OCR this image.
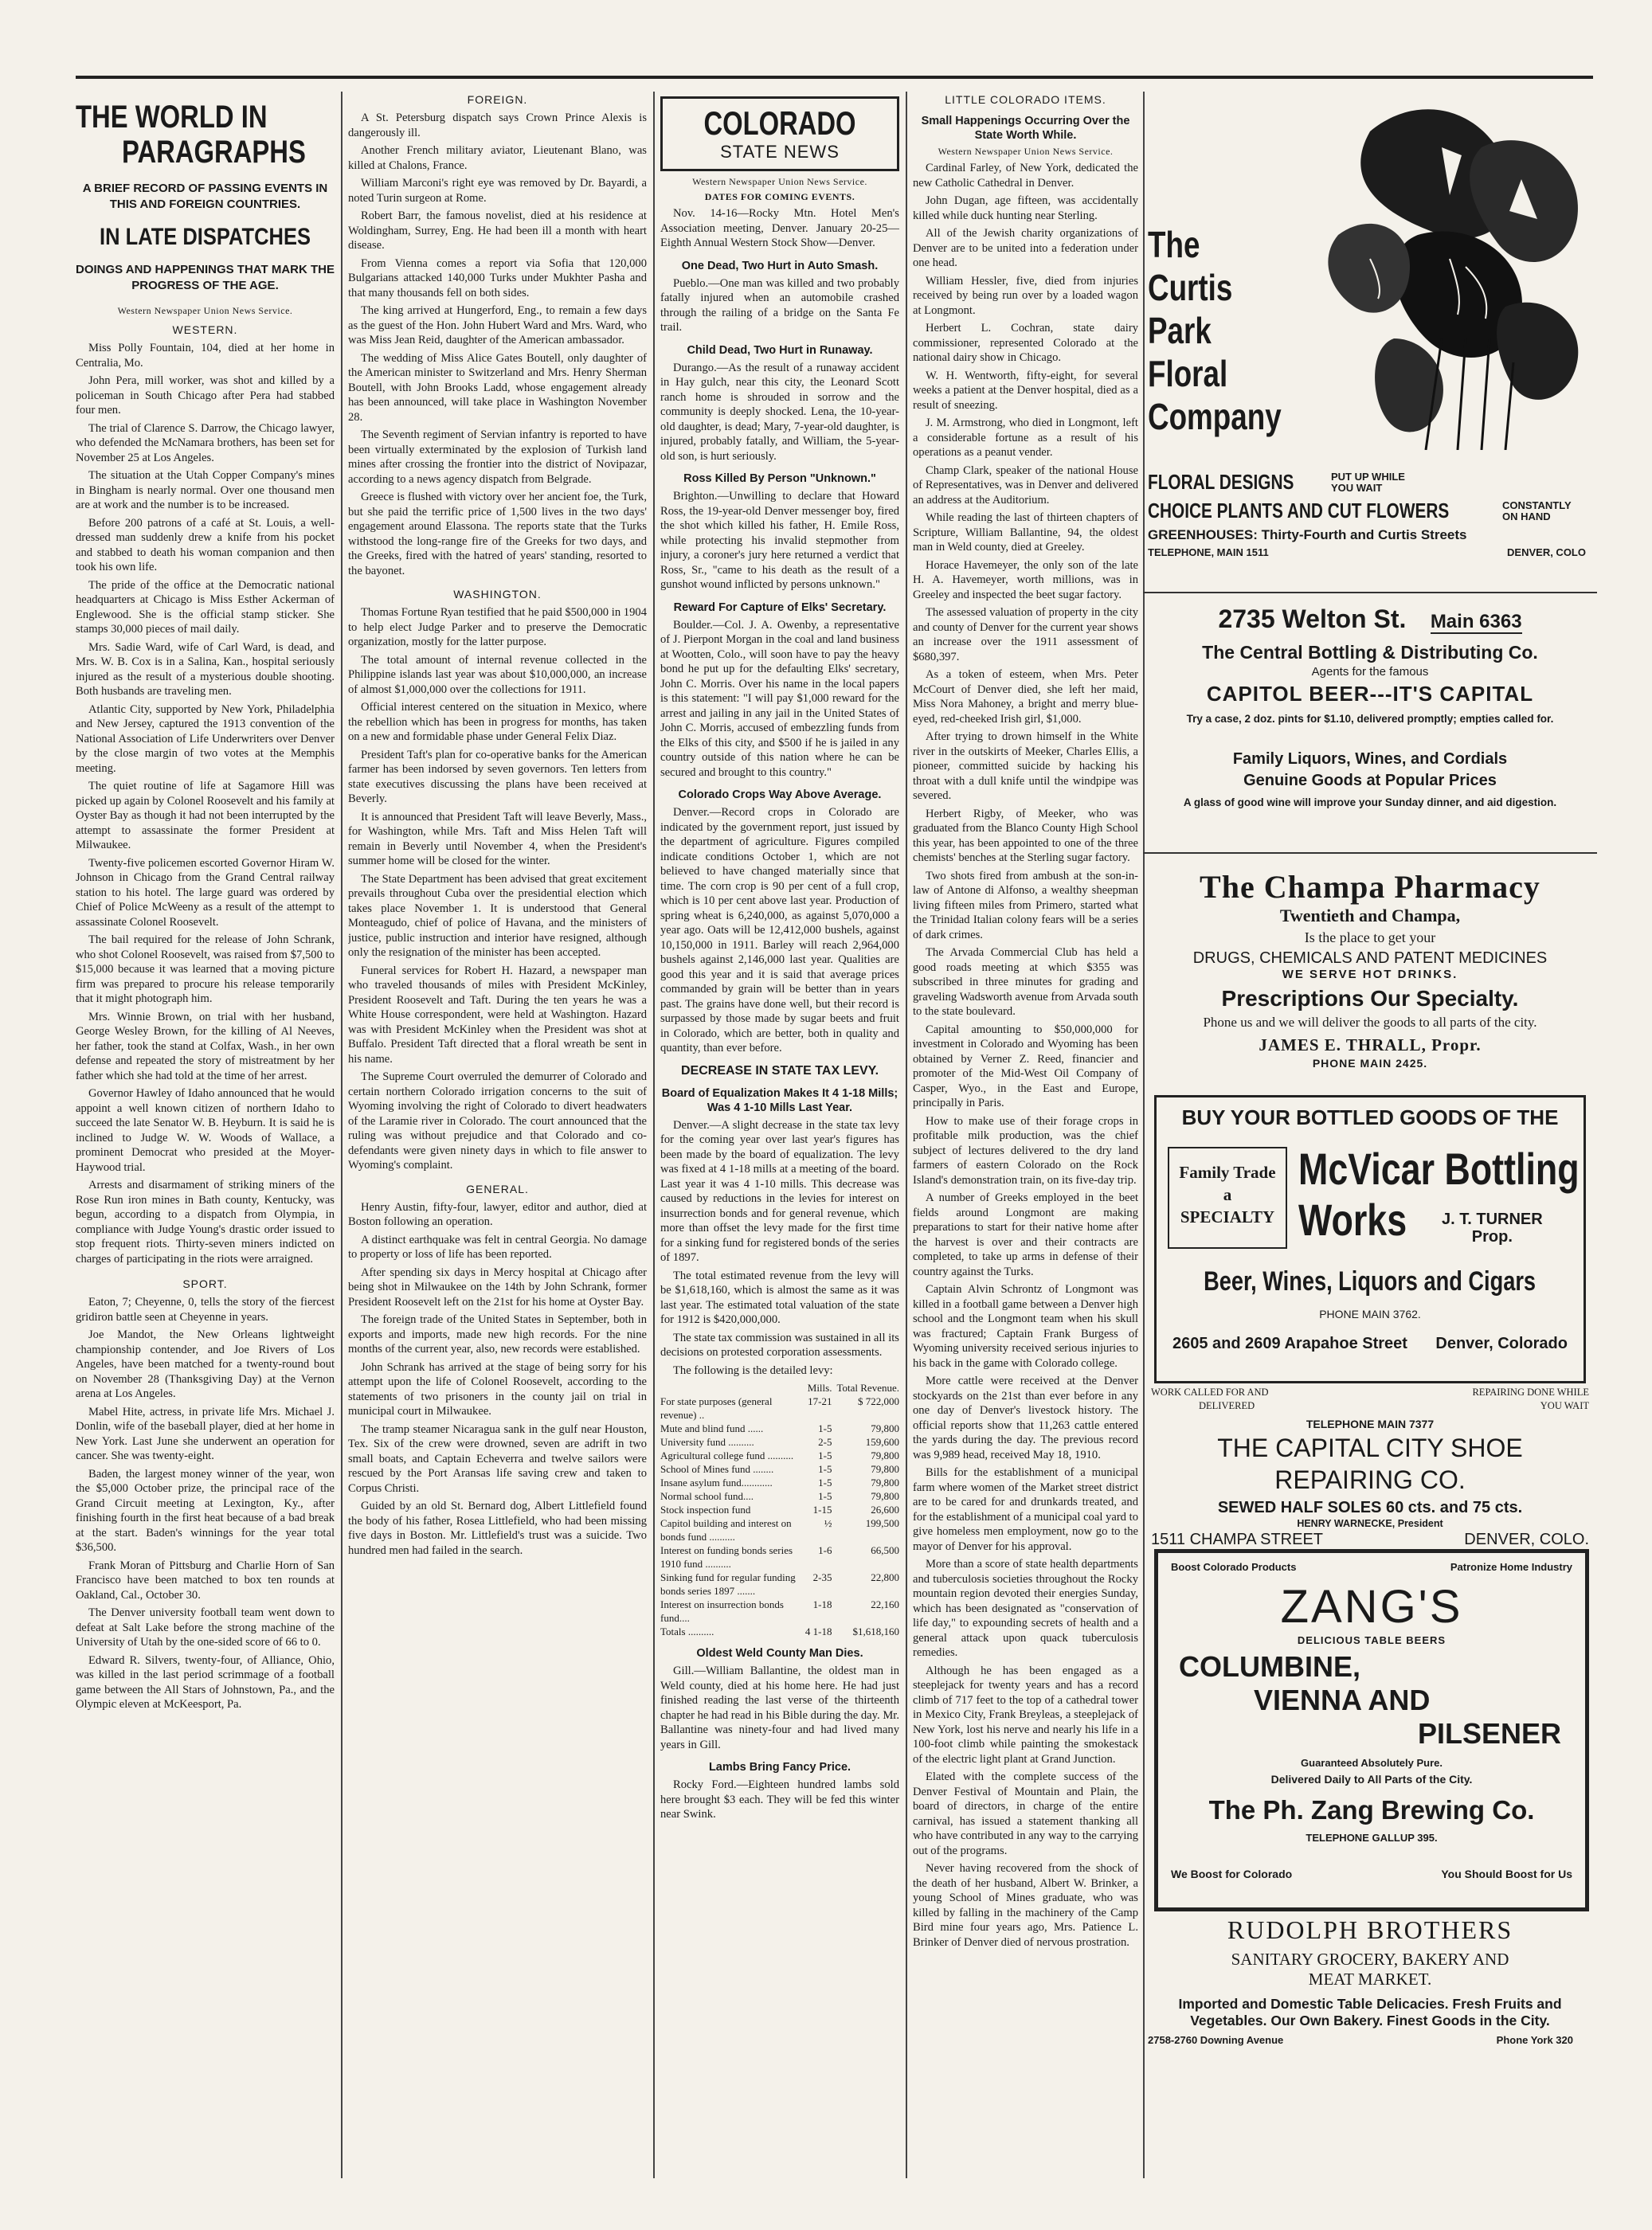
THE WORLD IN
PARAGRAPHS
A BRIEF RECORD OF PASSING EVENTS IN THIS AND FOREIGN COUNTRIES.
IN LATE DISPATCHES
DOINGS AND HAPPENINGS THAT MARK THE PROGRESS OF THE AGE.
Western Newspaper Union News Service.
WESTERN.

Miss Polly Fountain, 104, died at her home in Centralia, Mo.

John Pera, mill worker, was shot and killed by a policeman in South Chicago after Pera had stabbed four men.

The trial of Clarence S. Darrow, the Chicago lawyer, who defended the McNamara brothers, has been set for November 25 at Los Angeles.

The situation at the Utah Copper Company's mines in Bingham is nearly normal. Over one thousand men are at work and the number is to be increased.

Before 200 patrons of a café at St. Louis, a well-dressed man suddenly drew a knife from his pocket and stabbed to death his woman companion and then took his own life.

The pride of the office at the Democratic national headquarters at Chicago is Miss Esther Ackerman of Englewood. She is the official stamp sticker. She stamps 30,000 pieces of mail daily.

Mrs. Sadie Ward, wife of Carl Ward, is dead, and Mrs. W. B. Cox is in a Salina, Kan., hospital seriously injured as the result of a mysterious double shooting. Both husbands are traveling men.

Atlantic City, supported by New York, Philadelphia and New Jersey, captured the 1913 convention of the National Association of Life Underwriters over Denver by the close margin of two votes at the Memphis meeting.

The quiet routine of life at Sagamore Hill was picked up again by Colonel Roosevelt and his family at Oyster Bay as though it had not been interrupted by the attempt to assassinate the former President at Milwaukee.

Twenty-five policemen escorted Governor Hiram W. Johnson in Chicago from the Grand Central railway station to his hotel. The large guard was ordered by Chief of Police McWeeny as a result of the attempt to assassinate Colonel Roosevelt.

The bail required for the release of John Schrank, who shot Colonel Roosevelt, was raised from $7,500 to $15,000 because it was learned that a moving picture firm was prepared to procure his release temporarily that it might photograph him.

Mrs. Winnie Brown, on trial with her husband, George Wesley Brown, for the killing of Al Neeves, her father, took the stand at Colfax, Wash., in her own defense and repeated the story of mistreatment by her father which she had told at the time of her arrest.

Governor Hawley of Idaho announced that he would appoint a well known citizen of northern Idaho to succeed the late Senator W. B. Heyburn. It is said he is inclined to Judge W. W. Woods of Wallace, a prominent Democrat who presided at the Moyer-Haywood trial.

Arrests and disarmament of striking miners of the Rose Run iron mines in Bath county, Kentucky, was begun, according to a dispatch from Olympia, in compliance with Judge Young's drastic order issued to stop frequent riots. Thirty-seven miners indicted on charges of participating in the riots were arraigned.

SPORT.

Eaton, 7; Cheyenne, 0, tells the story of the fiercest gridiron battle seen at Cheyenne in years.

Joe Mandot, the New Orleans lightweight championship contender, and Joe Rivers of Los Angeles, have been matched for a twenty-round bout on November 28 (Thanksgiving Day) at the Vernon arena at Los Angeles.

Mabel Hite, actress, in private life Mrs. Michael J. Donlin, wife of the baseball player, died at her home in New York. Last June she underwent an operation for cancer. She was twenty-eight.

Baden, the largest money winner of the year, won the $5,000 October prize, the principal race of the Grand Circuit meeting at Lexington, Ky., after finishing fourth in the first heat because of a bad break at the start. Baden's winnings for the year total $36,500.

Frank Moran of Pittsburg and Charlie Horn of San Francisco have been matched to box ten rounds at Oakland, Cal., October 30.

The Denver university football team went down to defeat at Salt Lake before the strong machine of the University of Utah by the one-sided score of 66 to 0.

Edward R. Silvers, twenty-four, of Alliance, Ohio, was killed in the last period scrimmage of a football game between the All Stars of Johnstown, Pa., and the Olympic eleven at McKeesport, Pa.

FOREIGN.

A St. Petersburg dispatch says Crown Prince Alexis is dangerously ill.

Another French military aviator, Lieutenant Blano, was killed at Chalons, France.

William Marconi's right eye was removed by Dr. Bayardi, a noted Turin surgeon at Rome.

Robert Barr, the famous novelist, died at his residence at Woldingham, Surrey, Eng. He had been ill a month with heart disease.

From Vienna comes a report via Sofia that 120,000 Bulgarians attacked 140,000 Turks under Mukhter Pasha and that many thousands fell on both sides.

The king arrived at Hungerford, Eng., to remain a few days as the guest of the Hon. John Hubert Ward and Mrs. Ward, who was Miss Jean Reid, daughter of the American ambassador.

The wedding of Miss Alice Gates Boutell, only daughter of the American minister to Switzerland and Mrs. Henry Sherman Boutell, with John Brooks Ladd, whose engagement already has been announced, will take place in Washington November 28.

The Seventh regiment of Servian infantry is reported to have been virtually exterminated by the explosion of Turkish land mines after crossing the frontier into the district of Novipazar, according to a news agency dispatch from Belgrade.

Greece is flushed with victory over her ancient foe, the Turk, but she paid the terrific price of 1,500 lives in the two days' engagement around Elassona. The reports state that the Turks withstood the long-range fire of the Greeks for two days, and the Greeks, fired with the hatred of years' standing, resorted to the bayonet.

WASHINGTON.

Thomas Fortune Ryan testified that he paid $500,000 in 1904 to help elect Judge Parker and to preserve the Democratic organization, mostly for the latter purpose.

The total amount of internal revenue collected in the Philippine islands last year was about $10,000,000, an increase of almost $1,000,000 over the collections for 1911.

Official interest centered on the situation in Mexico, where the rebellion which has been in progress for months, has taken on a new and formidable phase under General Felix Diaz.

President Taft's plan for co-operative banks for the American farmer has been indorsed by seven governors. Ten letters from state executives discussing the plans have been received at Beverly.

It is announced that President Taft will leave Beverly, Mass., for Washington, while Mrs. Taft and Miss Helen Taft will remain in Beverly until November 4, when the President's summer home will be closed for the winter.

The State Department has been advised that great excitement prevails throughout Cuba over the presidential election which takes place November 1. It is understood that General Monteagudo, chief of police of Havana, and the ministers of justice, public instruction and interior have resigned, although only the resignation of the minister has been accepted.

Funeral services for Robert H. Hazard, a newspaper man who traveled thousands of miles with President McKinley, President Roosevelt and Taft. During the ten years he was a White House correspondent, were held at Washington. Hazard was with President McKinley when the President was shot at Buffalo. President Taft directed that a floral wreath be sent in his name.

The Supreme Court overruled the demurrer of Colorado and certain northern Colorado irrigation concerns to the suit of Wyoming involving the right of Colorado to divert headwaters of the Laramie river in Colorado. The court announced that the ruling was without prejudice and that Colorado and co-defendants were given ninety days in which to file answer to Wyoming's complaint.

GENERAL.

Henry Austin, fifty-four, lawyer, editor and author, died at Boston following an operation.

A distinct earthquake was felt in central Georgia. No damage to property or loss of life has been reported.

After spending six days in Mercy hospital at Chicago after being shot in Milwaukee on the 14th by John Schrank, former President Roosevelt left on the 21st for his home at Oyster Bay.

The foreign trade of the United States in September, both in exports and imports, made new high records. For the nine months of the current year, also, new records were established.

John Schrank has arrived at the stage of being sorry for his attempt upon the life of Colonel Roosevelt, according to the statements of two prisoners in the county jail on trial in municipal court in Milwaukee.

The tramp steamer Nicaragua sank in the gulf near Houston, Tex. Six of the crew were drowned, seven are adrift in two small boats, and Captain Echeverra and twelve sailors were rescued by the Port Aransas life saving crew and taken to Corpus Christi.

Guided by an old St. Bernard dog, Albert Littlefield found the body of his father, Rosea Littlefield, who had been missing five days in Boston. Mr. Littlefield's trust was a suicide. Two hundred men had failed in the search.

COLORADO
STATE NEWS
Western Newspaper Union News Service.
DATES FOR COMING EVENTS.

Nov. 14-16—Rocky Mtn. Hotel Men's Association meeting, Denver. January 20-25—Eighth Annual Western Stock Show—Denver.

One Dead, Two Hurt in Auto Smash.

Pueblo.—One man was killed and two probably fatally injured when an automobile crashed through the railing of a bridge on the Santa Fe trail.

Child Dead, Two Hurt in Runaway.

Durango.—As the result of a runaway accident in Hay gulch, near this city, the Leonard Scott ranch home is shrouded in sorrow and the community is deeply shocked. Lena, the 10-year-old daughter, is dead; Mary, 7-year-old daughter, is injured, probably fatally, and William, the 5-year-old son, is hurt seriously.

Ross Killed By Person "Unknown."

Brighton.—Unwilling to declare that Howard Ross, the 19-year-old Denver messenger boy, fired the shot which killed his father, H. Emile Ross, while protecting his invalid stepmother from injury, a coroner's jury here returned a verdict that Ross, Sr., "came to his death as the result of a gunshot wound inflicted by persons unknown."

Reward For Capture of Elks' Secretary.

Boulder.—Col. J. A. Owenby, a representative of J. Pierpont Morgan in the coal and land business at Wootten, Colo., will soon have to pay the heavy bond he put up for the defaulting Elks' secretary, John C. Morris. Over his name in the local papers is this statement: "I will pay $1,000 reward for the arrest and jailing in any jail in the United States of John C. Morris, accused of embezzling funds from the Elks of this city, and $500 if he is jailed in any country outside of this nation where he can be secured and brought to this country."

Colorado Crops Way Above Average.

Denver.—Record crops in Colorado are indicated by the government report, just issued by the department of agriculture. Figures compiled indicate conditions October 1, which are not believed to have changed materially since that time. The corn crop is 90 per cent of a full crop, which is 10 per cent above last year. Production of spring wheat is 6,240,000, as against 5,070,000 a year ago. Oats will be 12,412,000 bushels, against 10,150,000 in 1911. Barley will reach 2,964,000 bushels against 2,146,000 last year. Qualities are good this year and it is said that average prices commanded by grain will be better than in years past. The grains have done well, but their record is surpassed by those made by sugar beets and fruit in Colorado, which are better, both in quality and quantity, than ever before.

DECREASE IN STATE TAX LEVY.
Board of Equalization Makes It 4 1-18 Mills; Was 4 1-10 Mills Last Year.

Denver.—A slight decrease in the state tax levy for the coming year over last year's figures has been made by the board of equalization. The levy was fixed at 4 1-18 mills at a meeting of the board. Last year it was 4 1-10 mills. This decrease was caused by reductions in the levies for interest on insurrection bonds and for general revenue, which more than offset the levy made for the first time for a sinking fund for registered bonds of the series of 1897.

The total estimated revenue from the levy will be $1,618,160, which is almost the same as it was last year. The estimated total valuation of the state for 1912 is $420,000,000.

The state tax commission was sustained in all its decisions on protested corporation assessments.

The following is the detailed levy:

	Mills.	Total Revenue.
For state purposes (general revenue) ..	17-21	$ 722,000
Mute and blind fund ......	1-5	79,800
University fund ..........	2-5	159,600
Agricultural college fund ..........	1-5	79,800
School of Mines fund ........	1-5	79,800
Insane asylum fund............	1-5	79,800
Normal school fund....	1-5	79,800
Stock inspection fund	1-15	26,600
Capitol building and interest on bonds fund ..........	½	199,500
Interest on funding bonds series 1910 fund ..........	1-6	66,500
Sinking fund for regular funding bonds series 1897 .......	2-35	22,800
Interest on insurrection bonds fund....	1-18	22,160
Totals ..........	4 1-18	$1,618,160
Oldest Weld County Man Dies.

Gill.—William Ballantine, the oldest man in Weld county, died at his home here. He had just finished reading the last verse of the thirteenth chapter he had read in his Bible during the day. Mr. Ballantine was ninety-four and had lived many years in Gill.

Lambs Bring Fancy Price.

Rocky Ford.—Eighteen hundred lambs sold here brought $3 each. They will be fed this winter near Swink.

LITTLE COLORADO ITEMS.
Small Happenings Occurring Over the State Worth While.
Western Newspaper Union News Service.

Cardinal Farley, of New York, dedicated the new Catholic Cathedral in Denver.

John Dugan, age fifteen, was accidentally killed while duck hunting near Sterling.

All of the Jewish charity organizations of Denver are to be united into a federation under one head.

William Hessler, five, died from injuries received by being run over by a loaded wagon at Longmont.

Herbert L. Cochran, state dairy commissioner, represented Colorado at the national dairy show in Chicago.

W. H. Wentworth, fifty-eight, for several weeks a patient at the Denver hospital, died as a result of sneezing.

J. M. Armstrong, who died in Longmont, left a considerable fortune as a result of his operations as a peanut vender.

Champ Clark, speaker of the national House of Representatives, was in Denver and delivered an address at the Auditorium.

While reading the last of thirteen chapters of Scripture, William Ballantine, 94, the oldest man in Weld county, died at Greeley.

Horace Havemeyer, the only son of the late H. A. Havemeyer, worth millions, was in Greeley and inspected the beet sugar factory.

The assessed valuation of property in the city and county of Denver for the current year shows an increase over the 1911 assessment of $680,397.

As a token of esteem, when Mrs. Peter McCourt of Denver died, she left her maid, Miss Nora Mahoney, a bright and merry blue-eyed, red-cheeked Irish girl, $1,000.

After trying to drown himself in the White river in the outskirts of Meeker, Charles Ellis, a pioneer, committed suicide by hacking his throat with a dull knife until the windpipe was severed.

Herbert Rigby, of Meeker, who was graduated from the Blanco County High School this year, has been appointed to one of the three chemists' benches at the Sterling sugar factory.

Two shots fired from ambush at the son-in-law of Antone di Alfonso, a wealthy sheepman living fifteen miles from Primero, started what the Trinidad Italian colony fears will be a series of dark crimes.

The Arvada Commercial Club has held a good roads meeting at which $355 was subscribed in three minutes for grading and graveling Wadsworth avenue from Arvada south to the state boulevard.

Capital amounting to $50,000,000 for investment in Colorado and Wyoming has been obtained by Verner Z. Reed, financier and promoter of the Mid-West Oil Company of Casper, Wyo., in the East and Europe, principally in Paris.

How to make use of their forage crops in profitable milk production, was the chief subject of lectures delivered to the dry land farmers of eastern Colorado on the Rock Island's demonstration train, on its five-day trip.

A number of Greeks employed in the beet fields around Longmont are making preparations to start for their native home after the harvest is over and their contracts are completed, to take up arms in defense of their country against the Turks.

Captain Alvin Schrontz of Longmont was killed in a football game between a Denver high school and the Longmont team when his skull was fractured; Captain Frank Burgess of Wyoming university received serious injuries to his back in the game with Colorado college.

More cattle were received at the Denver stockyards on the 21st than ever before in any one day of Denver's livestock history. The official reports show that 11,263 cattle entered the yards during the day. The previous record was 9,989 head, received May 18, 1910.

Bills for the establishment of a municipal farm where women of the Market street district are to be cared for and drunkards treated, and for the establishment of a municipal coal yard to give homeless men employment, now go to the mayor of Denver for his approval.

More than a score of state health departments and tuberculosis societies throughout the Rocky mountain region devoted their energies Sunday, which has been designated as "conservation of life day," to expounding secrets of health and a general attack upon quack tuberculosis remedies.

Although he has been engaged as a steeplejack for twenty years and has a record climb of 717 feet to the top of a cathedral tower in Mexico City, Frank Breyleas, a steeplejack of New York, lost his nerve and nearly his life in a 100-foot climb while painting the smokestack of the electric light plant at Grand Junction.

Elated with the complete success of the Denver Festival of Mountain and Plain, the board of directors, in charge of the entire carnival, has issued a statement thanking all who have contributed in any way to the carrying out of the programs.

Never having recovered from the shock of the death of her husband, Albert W. Brinker, a young School of Mines graduate, who was killed by falling in the machinery of the Camp Bird mine four years ago, Mrs. Patience L. Brinker of Denver died of nervous prostration.

The
Curtis
Park
Floral
Company
FLORAL DESIGNS	PUT UP WHILE
YOU WAIT
CHOICE PLANTS AND CUT FLOWERS	CONSTANTLY
ON HAND
GREENHOUSES: Thirty-Fourth and Curtis Streets
TELEPHONE, MAIN 1511	DENVER, COLO
2735 Welton St. Main 6363
The Central Bottling & Distributing Co.
Agents for the famous
CAPITOL BEER---IT'S CAPITAL
Try a case, 2 doz. pints for $1.10, delivered promptly; empties called for.
Family Liquors, Wines, and Cordials
Genuine Goods at Popular Prices
A glass of good wine will improve your Sunday dinner, and aid digestion.
The Champa Pharmacy
Twentieth and Champa,
Is the place to get your
DRUGS, CHEMICALS AND PATENT MEDICINES
WE SERVE HOT DRINKS.
Prescriptions Our Specialty.
Phone us and we will deliver the goods to all parts of the city.
JAMES E. THRALL, Propr.
PHONE MAIN 2425.
BUY YOUR BOTTLED GOODS OF THE
Family Trade
a
SPECIALTY
McVicar Bottling
Works	J. T. TURNER
Prop.
Beer, Wines, Liquors and Cigars
PHONE MAIN 3762.
2605 and 2609 Arapahoe Street Denver, Colorado
WORK CALLED FOR AND
DELIVERED
REPAIRING DONE WHILE
YOU WAIT
TELEPHONE MAIN 7377
THE CAPITAL CITY SHOE
REPAIRING CO.
SEWED HALF SOLES 60 cts. and 75 cts.
HENRY WARNECKE, President
1511 CHAMPA STREET	DENVER, COLO.
Boost Colorado Products	Patronize Home Industry
ZANG'S
DELICIOUS TABLE BEERS
COLUMBINE,
VIENNA AND
PILSENER
Guaranteed Absolutely Pure.
Delivered Daily to All Parts of the City.
The Ph. Zang Brewing Co.
TELEPHONE GALLUP 395.
We Boost for Colorado	You Should Boost for Us
RUDOLPH BROTHERS
SANITARY GROCERY, BAKERY AND
MEAT MARKET.
Imported and Domestic Table Delicacies. Fresh Fruits and
Vegetables. Our Own Bakery. Finest Goods in the City.
2758-2760 Downing Avenue	Phone York 320
